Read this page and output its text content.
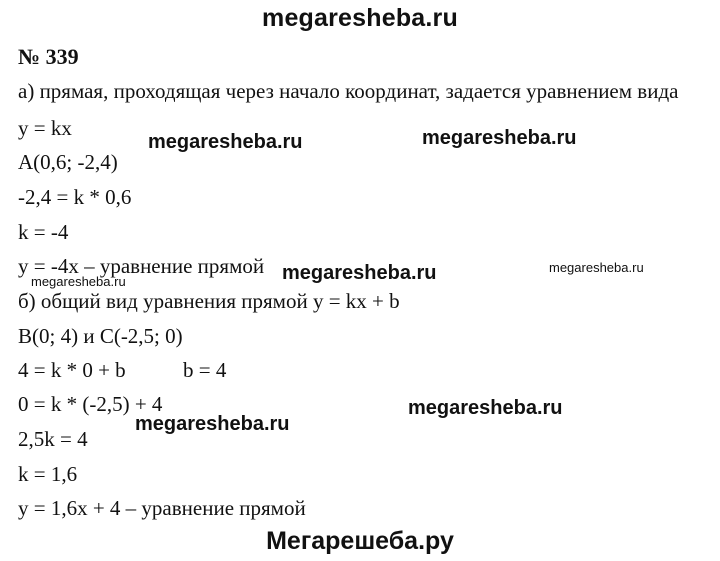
megaresheba.ru
№ 339
а) прямая, проходящая через начало координат, задается уравнением вида
y = kx
A(0,6; -2,4)
-2,4 = k * 0,6
k = -4
y = -4x – уравнение прямой
б) общий вид уравнения прямой y = kx + b
B(0; 4) и C(-2,5; 0)
4 = k * 0 + b	b = 4
0 = k * (-2,5) + 4
2,5k = 4
k = 1,6
y = 1,6x + 4 – уравнение прямой
megaresheba.ru	megaresheba.ru
megaresheba.ru
megaresheba.ru
megaresheba.ru
megaresheba.ru
megaresheba.ru
Мегарешеба.ру
